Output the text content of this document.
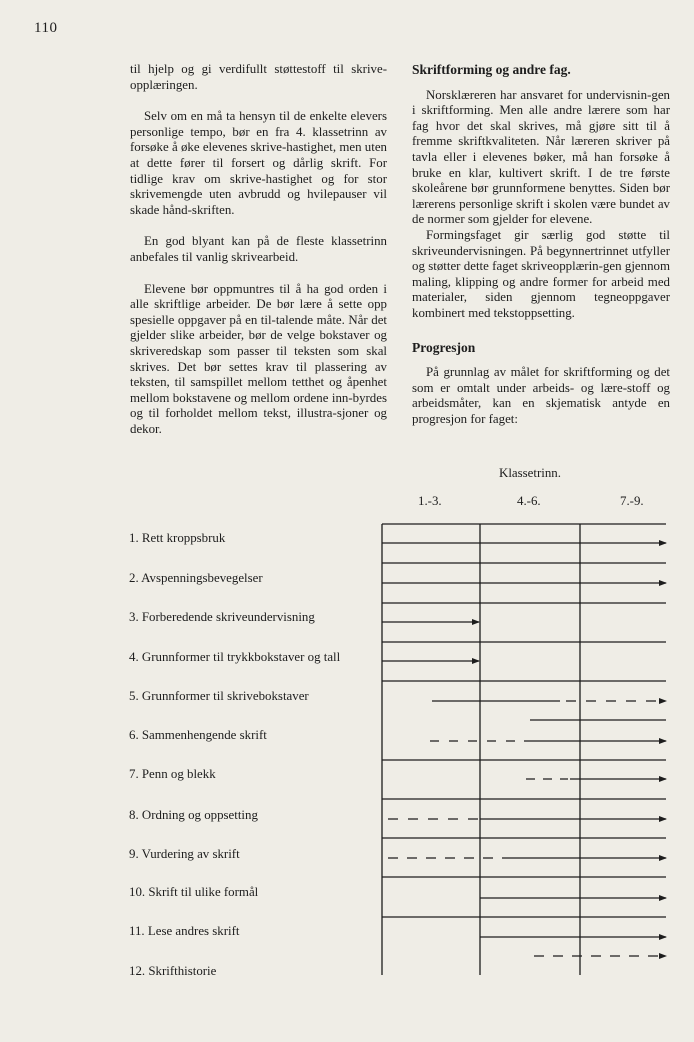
110

til hjelp og gi verdifullt støttestoff til skrive-opplæringen.

Selv om en må ta hensyn til de enkelte elevers personlige tempo, bør en fra 4. klassetrinn av forsøke å øke elevenes skrive-hastighet, men uten at dette fører til forsert og dårlig skrift. For tidlige krav om skrive-hastighet og for stor skrivemengde uten avbrudd og hvilepauser vil skade hånd-skriften.

En god blyant kan på de fleste klassetrinn anbefales til vanlig skrivearbeid.

Elevene bør oppmuntres til å ha god orden i alle skriftlige arbeider. De bør lære å sette opp spesielle oppgaver på en til-talende måte. Når det gjelder slike arbeider, bør de velge bokstaver og skriveredskap som passer til teksten som skal skrives. Det bør settes krav til plassering av teksten, til samspillet mellom tetthet og åpenhet mellom bokstavene og mellom ordene inn-byrdes og til forholdet mellom tekst, illustra-sjoner og dekor.

Skriftforming og andre fag.

Norsklæreren har ansvaret for undervisnin-gen i skriftforming. Men alle andre lærere som har fag hvor det skal skrives, må gjøre sitt til å fremme skriftkvaliteten. Når læreren skriver på tavla eller i elevenes bøker, må han forsøke å bruke en klar, kultivert skrift. I de tre første skoleårene bør grunnformene benyttes. Siden bør lærerens personlige skrift i skolen være bundet av de normer som gjelder for elevene.

Formingsfaget gir særlig god støtte til skriveundervisningen. På begynnertrinnet utfyller og støtter dette faget skriveopplærin-gen gjennom maling, klipping og andre former for arbeid med materialer, siden gjennom tegneoppgaver kombinert med tekstoppsetting.

Progresjon

På grunnlag av målet for skriftforming og det som er omtalt under arbeids- og lære-stoff og arbeidsmåter, kan en skjematisk antyde en progresjon for faget:

Klassetrinn.
1.-3.	4.-6.	7.-9.
1. Rett kroppsbruk
2. Avspenningsbevegelser
3. Forberedende skriveundervisning
4. Grunnformer til trykkbokstaver og tall
5. Grunnformer til skrivebokstaver
6. Sammenhengende skrift
7. Penn og blekk
8. Ordning og oppsetting
9. Vurdering av skrift
10. Skrift til ulike formål
11. Lese andres skrift
12. Skrifthistorie
